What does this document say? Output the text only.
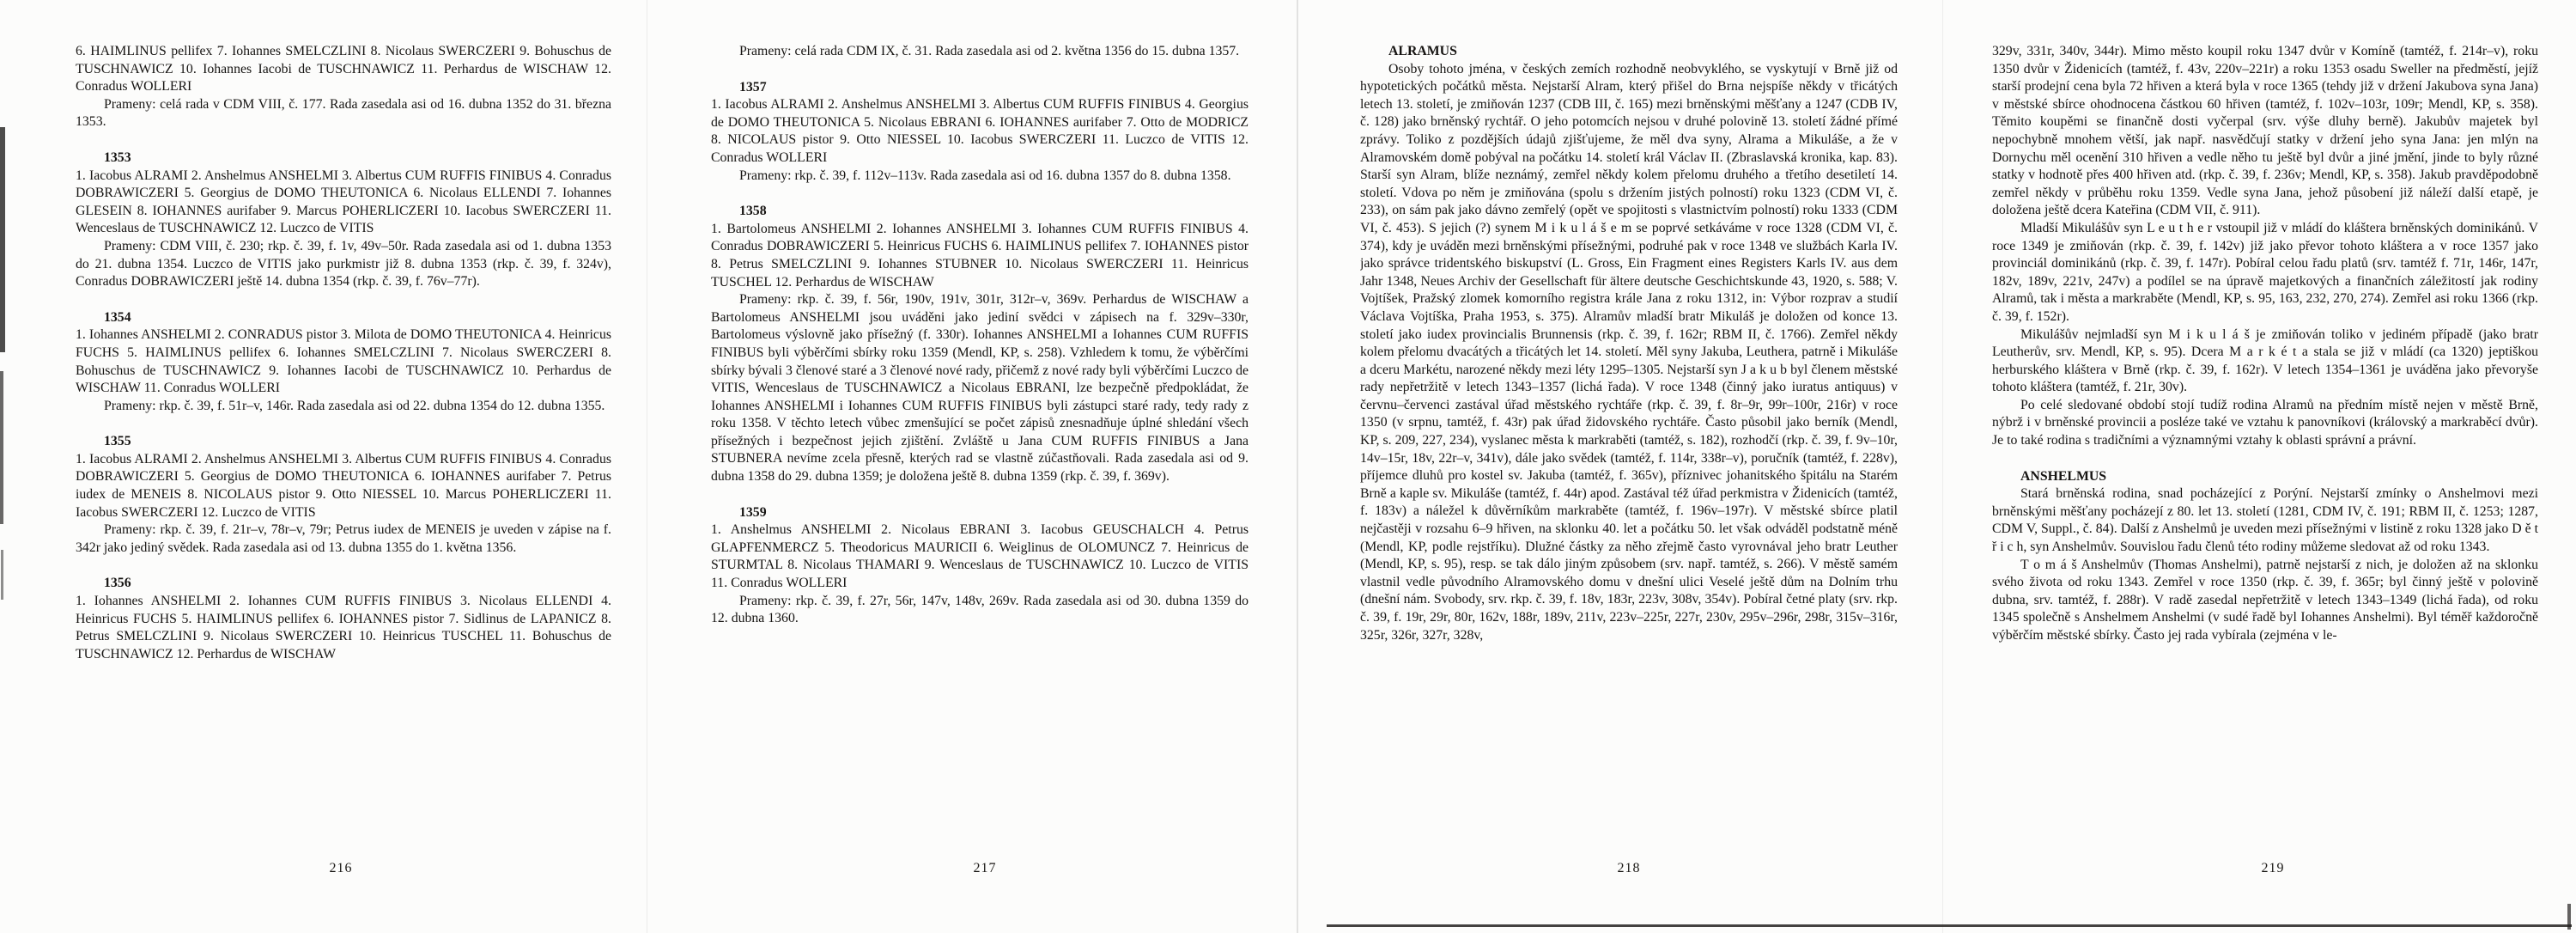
6. HAIMLINUS pellifex 7. Iohannes SMELCZLINI 8. Nicolaus SWERCZERI 9. Bohuschus de TUSCHNAWICZ 10. Iohannes Iacobi de TUSCHNAWICZ 11. Perhardus de WISCHAW 12. Conradus WOLLERI
Prameny: celá rada v CDM VIII, č. 177. Rada zasedala asi od 16. dubna 1352 do 31. března 1353.
1353
1. Iacobus ALRAMI 2. Anshelmus ANSHELMI 3. Albertus CUM RUFFIS FINIBUS 4. Conradus DOBRAWICZERI 5. Georgius de DOMO THEUTONICA 6. Nicolaus ELLENDI 7. Iohannes GLESEIN 8. IOHANNES aurifaber 9. Marcus POHERLICZERI 10. Iacobus SWERCZERI 11. Wenceslaus de TUSCHNAWICZ 12. Luczco de VITIS
Prameny: CDM VIII, č. 230; rkp. č. 39, f. 1v, 49v–50r. Rada zasedala asi od 1. dubna 1353 do 21. dubna 1354. Luczco de VITIS jako purkmistr již 8. dubna 1353 (rkp. č. 39, f. 324v), Conradus DOBRAWICZERI ještě 14. dubna 1354 (rkp. č. 39, f. 76v–77r).
1354
1. Iohannes ANSHELMI 2. CONRADUS pistor 3. Milota de DOMO THEUTONICA 4. Heinricus FUCHS 5. HAIMLINUS pellifex 6. Iohannes SMELCZLINI 7. Nicolaus SWERCZERI 8. Bohuschus de TUSCHNAWICZ 9. Iohannes Iacobi de TUSCHNAWICZ 10. Perhardus de WISCHAW 11. Conradus WOLLERI
Prameny: rkp. č. 39, f. 51r–v, 146r. Rada zasedala asi od 22. dubna 1354 do 12. dubna 1355.
1355
1. Iacobus ALRAMI 2. Anshelmus ANSHELMI 3. Albertus CUM RUFFIS FINIBUS 4. Conradus DOBRAWICZERI 5. Georgius de DOMO THEUTONICA 6. IOHANNES aurifaber 7. Petrus iudex de MENEIS 8. NICOLAUS pistor 9. Otto NIESSEL 10. Marcus POHERLICZERI 11. Iacobus SWERCZERI 12. Luczco de VITIS
Prameny: rkp. č. 39, f. 21r–v, 78r–v, 79r; Petrus iudex de MENEIS je uveden v zápise na f. 342r jako jediný svědek. Rada zasedala asi od 13. dubna 1355 do 1. května 1356.
1356
1. Iohannes ANSHELMI 2. Iohannes CUM RUFFIS FINIBUS 3. Nicolaus ELLENDI 4. Heinricus FUCHS 5. HAIMLINUS pellifex 6. IOHANNES pistor 7. Sidlinus de LAPANICZ 8. Petrus SMELCZLINI 9. Nicolaus SWERCZERI 10. Heinricus TUSCHEL 11. Bohuschus de TUSCHNAWICZ 12. Perhardus de WISCHAW
216
Prameny: celá rada CDM IX, č. 31. Rada zasedala asi od 2. května 1356 do 15. dubna 1357.
1357
1. Iacobus ALRAMI 2. Anshelmus ANSHELMI 3. Albertus CUM RUFFIS FINIBUS 4. Georgius de DOMO THEUTONICA 5. Nicolaus EBRANI 6. IOHANNES aurifaber 7. Otto de MODRICZ 8. NICOLAUS pistor 9. Otto NIESSEL 10. Iacobus SWERCZERI 11. Luczco de VITIS 12. Conradus WOLLERI
Prameny: rkp. č. 39, f. 112v–113v. Rada zasedala asi od 16. dubna 1357 do 8. dubna 1358.
1358
1. Bartolomeus ANSHELMI 2. Iohannes ANSHELMI 3. Iohannes CUM RUFFIS FINIBUS 4. Conradus DOBRAWICZERI 5. Heinricus FUCHS 6. HAIMLINUS pellifex 7. IOHANNES pistor 8. Petrus SMELCZLINI 9. Iohannes STUBNER 10. Nicolaus SWERCZERI 11. Heinricus TUSCHEL 12. Perhardus de WISCHAW
Prameny: rkp. č. 39, f. 56r, 190v, 191v, 301r, 312r–v, 369v. Perhardus de WISCHAW a Bartolomeus ANSHELMI jsou uváděni jako jediní svědci v zápisech na f. 329v–330r, Bartolomeus výslovně jako přísežný (f. 330r). Iohannes ANSHELMI a Iohannes CUM RUFFIS FINIBUS byli výběrčími sbírky roku 1359 (Mendl, KP, s. 258). Vzhledem k tomu, že výběrčími sbírky bývali 3 členové staré a 3 členové nové rady, přičemž z nové rady byli výběrčími Luczco de VITIS, Wenceslaus de TUSCHNAWICZ a Nicolaus EBRANI, lze bezpečně předpokládat, že Iohannes ANSHELMI i Iohannes CUM RUFFIS FINIBUS byli zástupci staré rady, tedy rady z roku 1358. V těchto letech vůbec zmenšující se počet zápisů znesnadňuje úplné shledání všech přísežných i bezpečnost jejich zjištění. Zvláště u Jana CUM RUFFIS FINIBUS a Jana STUBNERA nevíme zcela přesně, kterých rad se vlastně zúčastňovali. Rada zasedala asi od 9. dubna 1358 do 29. dubna 1359; je doložena ještě 8. dubna 1359 (rkp. č. 39, f. 369v).
1359
1. Anshelmus ANSHELMI 2. Nicolaus EBRANI 3. Iacobus GEUSCHALCH 4. Petrus GLAPFENMERCZ 5. Theodoricus MAURICII 6. Weiglinus de OLOMUNCZ 7. Heinricus de STURMTAL 8. Nicolaus THAMARI 9. Wenceslaus de TUSCHNAWICZ 10. Luczco de VITIS 11. Conradus WOLLERI
Prameny: rkp. č. 39, f. 27r, 56r, 147v, 148v, 269v. Rada zasedala asi od 30. dubna 1359 do 12. dubna 1360.
217
ALRAMUS
Osoby tohoto jména, v českých zemích rozhodně neobvyklého, se vyskytují v Brně již od hypotetických počátků města. Nejstarší Alram, který přišel do Brna nejspíše někdy v třicátých letech 13. století, je zmiňován 1237 (CDB III, č. 165) mezi brněnskými měšťany a 1247 (CDB IV, č. 128) jako brněnský rychtář. O jeho potomcích nejsou v druhé polovině 13. století žádné přímé zprávy. Toliko z pozdějších údajů zjišťujeme, že měl dva syny, Alrama a Mikuláše, a že v Alramovském domě pobýval na počátku 14. století král Václav II. (Zbraslavská kronika, kap. 83). Starší syn Alram, blíže neznámý, zemřel někdy kolem přelomu druhého a třetího desetiletí 14. století. Vdova po něm je zmiňována (spolu s držením jistých polností) roku 1323 (CDM VI, č. 233), on sám pak jako dávno zemřelý (opět ve spojitosti s vlastnictvím polností) roku 1333 (CDM VI, č. 453). S jejich (?) synem M i k u l á š e m se poprvé setkáváme v roce 1328 (CDM VI, č. 374), kdy je uváděn mezi brněnskými přísežnými, podruhé pak v roce 1348 ve službách Karla IV. jako správce tridentského biskupství (L. Gross, Ein Fragment eines Registers Karls IV. aus dem Jahr 1348, Neues Archiv der Gesellschaft für ältere deutsche Geschichtskunde 43, 1920, s. 588; V. Vojtíšek, Pražský zlomek komorního registra krále Jana z roku 1312, in: Výbor rozprav a studií Václava Vojtíška, Praha 1953, s. 375). Alramův mladší bratr Mikuláš je doložen od konce 13. století jako iudex provincialis Brunnensis (rkp. č. 39, f. 162r; RBM II, č. 1766). Zemřel někdy kolem přelomu dvacátých a třicátých let 14. století. Měl syny Jakuba, Leuthera, patrně i Mikuláše a dceru Markétu, narozené někdy mezi léty 1295–1305. Nejstarší syn J a k u b byl členem městské rady nepřetržitě v letech 1343–1357 (lichá řada). V roce 1348 (činný jako iuratus antiquus) v červnu–červenci zastával úřad městského rychtáře (rkp. č. 39, f. 8r–9r, 99r–100r, 216r) v roce 1350 (v srpnu, tamtéž, f. 43r) pak úřad židovského rychtáře. Často působil jako berník (Mendl, KP, s. 209, 227, 234), vyslanec města k markraběti (tamtéž, s. 182), rozhodčí (rkp. č. 39, f. 9v–10r, 14v–15r, 18v, 22r–v, 341v), dále jako svědek (tamtéž, f. 114r, 338r–v), poručník (tamtéž, f. 228v), příjemce dluhů pro kostel sv. Jakuba (tamtéž, f. 365v), příznivec johanitského špitálu na Starém Brně a kaple sv. Mikuláše (tamtéž, f. 44r) apod. Zastával též úřad perkmistra v Židenicích (tamtéž, f. 183v) a náležel k důvěrníkům markraběte (tamtéž, f. 196v–197r). V městské sbírce platil nejčastěji v rozsahu 6–9 hřiven, na sklonku 40. let a počátku 50. let však odváděl podstatně méně (Mendl, KP, podle rejstříku). Dlužné částky za něho zřejmě často vyrovnával jeho bratr Leuther (Mendl, KP, s. 95), resp. se tak dálo jiným způsobem (srv. např. tamtéž, s. 266). V městě samém vlastnil vedle původního Alramovského domu v dnešní ulici Veselé ještě dům na Dolním trhu (dnešní nám. Svobody, srv. rkp. č. 39, f. 18v, 183r, 223v, 308v, 354v). Pobíral četné platy (srv. rkp. č. 39, f. 19r, 29r, 80r, 162v, 188r, 189v, 211v, 223v–225r, 227r, 230v, 295v–296r, 298r, 315v–316r, 325r, 326r, 327r, 328v,
218
329v, 331r, 340v, 344r). Mimo město koupil roku 1347 dvůr v Komíně (tamtéž, f. 214r–v), roku 1350 dvůr v Židenicích (tamtéž, f. 43v, 220v–221r) a roku 1353 osadu Sweller na předměstí, jejíž starší prodejní cena byla 72 hřiven a která byla v roce 1365 (tehdy již v držení Jakubova syna Jana) v městské sbírce ohodnocena částkou 60 hřiven (tamtéž, f. 102v–103r, 109r; Mendl, KP, s. 358). Těmito koupěmi se finančně dosti vyčerpal (srv. výše dluhy berně). Jakubův majetek byl nepochybně mnohem větší, jak např. nasvědčují statky v držení jeho syna Jana: jen mlýn na Dornychu měl ocenění 310 hřiven a vedle něho tu ještě byl dvůr a jiné jmění, jinde to byly různé statky v hodnotě přes 400 hřiven atd. (rkp. č. 39, f. 236v; Mendl, KP, s. 358). Jakub pravděpodobně zemřel někdy v průběhu roku 1359. Vedle syna Jana, jehož působení již náleží další etapě, je doložena ještě dcera Kateřina (CDM VII, č. 911).
Mladší Mikulášův syn L e u t h e r vstoupil již v mládí do kláštera brněnských dominikánů. V roce 1349 je zmiňován (rkp. č. 39, f. 142v) již jako převor tohoto kláštera a v roce 1357 jako provinciál dominikánů (rkp. č. 39, f. 147r). Pobíral celou řadu platů (srv. tamtéž f. 71r, 146r, 147r, 182v, 189v, 221v, 247v) a podílel se na úpravě majetkových a finančních záležitostí jak rodiny Alramů, tak i města a markraběte (Mendl, KP, s. 95, 163, 232, 270, 274). Zemřel asi roku 1366 (rkp. č. 39, f. 152r).
Mikulášův nejmladší syn M i k u l á š je zmiňován toliko v jediném případě (jako bratr Leutherův, srv. Mendl, KP, s. 95). Dcera M a r k é t a stala se již v mládí (ca 1320) jeptiškou herburského kláštera v Brně (rkp. č. 39, f. 162r). V letech 1354–1361 je uváděna jako převoryše tohoto kláštera (tamtéž, f. 21r, 30v).
Po celé sledované období stojí tudíž rodina Alramů na předním místě nejen v městě Brně, nýbrž i v brněnské provincii a posléze také ve vztahu k panovníkovi (královský a markraběcí dvůr). Je to také rodina s tradičními a významnými vztahy k oblasti správní a právní.
ANSHELMUS
Stará brněnská rodina, snad pocházející z Porýní. Nejstarší zmínky o Anshelmovi mezi brněnskými měšťany pocházejí z 80. let 13. století (1281, CDM IV, č. 191; RBM II, č. 1253; 1287, CDM V, Suppl., č. 84). Další z Anshelmů je uveden mezi přísežnými v listině z roku 1328 jako D ě t ř i c h, syn Anshelmův. Souvislou řadu členů této rodiny můžeme sledovat až od roku 1343.
T o m á š Anshelmův (Thomas Anshelmi), patrně nejstarší z nich, je doložen až na sklonku svého života od roku 1343. Zemřel v roce 1350 (rkp. č. 39, f. 365r; byl činný ještě v polovině dubna, srv. tamtéž, f. 288r). V radě zasedal nepřetržitě v letech 1343–1349 (lichá řada), od roku 1345 společně s Anshelmem Anshelmi (v sudé řadě byl Iohannes Anshelmi). Byl téměř každoročně výběrčím městské sbírky. Často jej rada vybírala (zejména v le-
219
